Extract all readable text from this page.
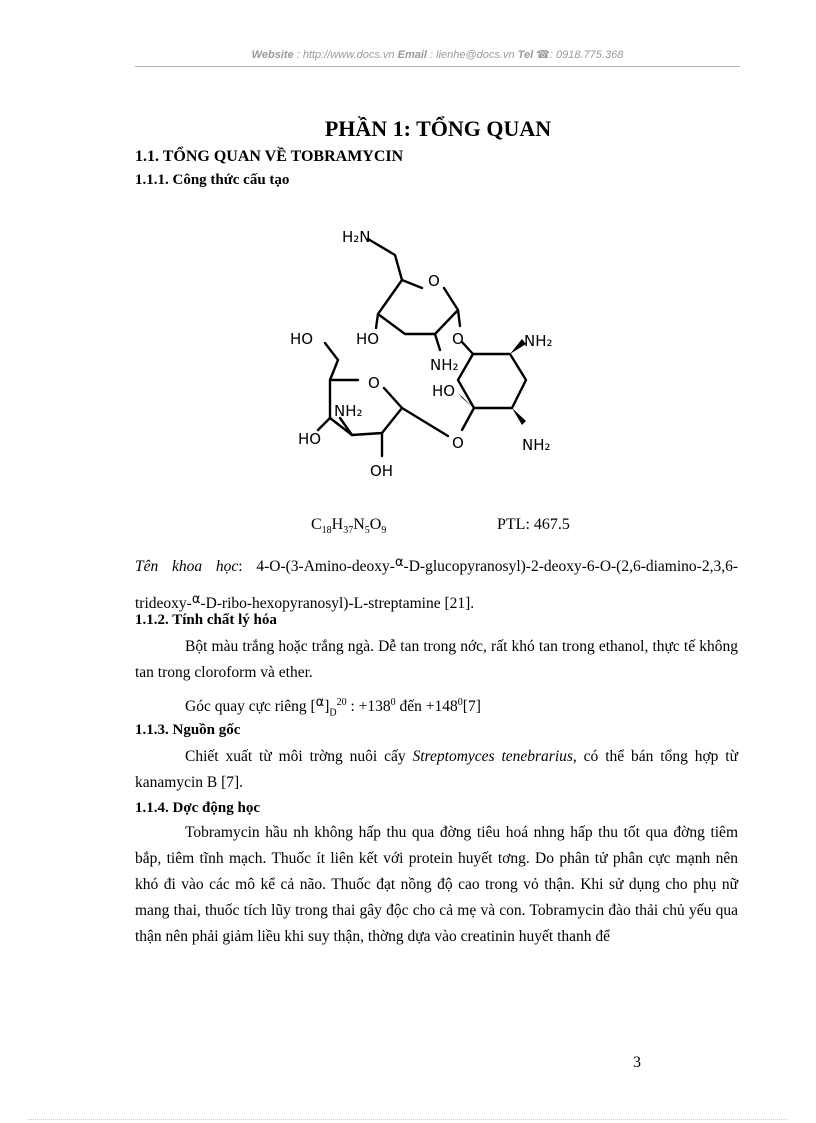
Website : http://www.docs.vn Email : lienhe@docs.vn Tel ☎: 0918.775.368
PHẦN 1: TỔNG QUAN
1.1. TỔNG QUAN VỀ TOBRAMYCIN
1.1.1. Công thức cấu tạo
H₂N
O
HO	HO	O	NH₂
NH₂
HO
O
NH₂
HO	O	NH₂
OH
$C_{18}H_{37}N_5O_9$	PTL: 467.5
Tên khoa học: 4-O-(3-Amino-deoxy-$^\alpha$-D-glucopyranosyl)-2-deoxy-6-O-(2,6-diamino-2,3,6-trideoxy-$^\alpha$-D-ribo-hexopyranosyl)-L-streptamine [21].
1.1.2. Tính chất lý hóa
Bột màu trắng hoặc trắng ngà. Dễ tan trong nớc, rất khó tan trong ethanol, thực tế không tan trong cloroform và ether.
Góc quay cực riêng $[^\alpha]_D^{20}$ : $+138^0$ đến $+148^0[7]$
1.1.3. Nguồn gốc
Chiết xuất từ môi trờng nuôi cấy Streptomyces tenebrarius, có thể bán tổng hợp từ kanamycin B [7].
1.1.4. Dợc động học
Tobramycin hầu nh không hấp thu qua đờng tiêu hoá nhng hấp thu tốt qua đờng tiêm bắp, tiêm tĩnh mạch. Thuốc ít liên kết với protein huyết tơng. Do phân tử phân cực mạnh nên khó đi vào các mô kể cả não. Thuốc đạt nồng độ cao trong vỏ thận. Khi sử dụng cho phụ nữ mang thai, thuốc tích lũy trong thai gây độc cho cả mẹ và con. Tobramycin đào thải chủ yếu qua thận nên phải giảm liều khi suy thận, thờng dựa vào creatinin huyết thanh để
3
